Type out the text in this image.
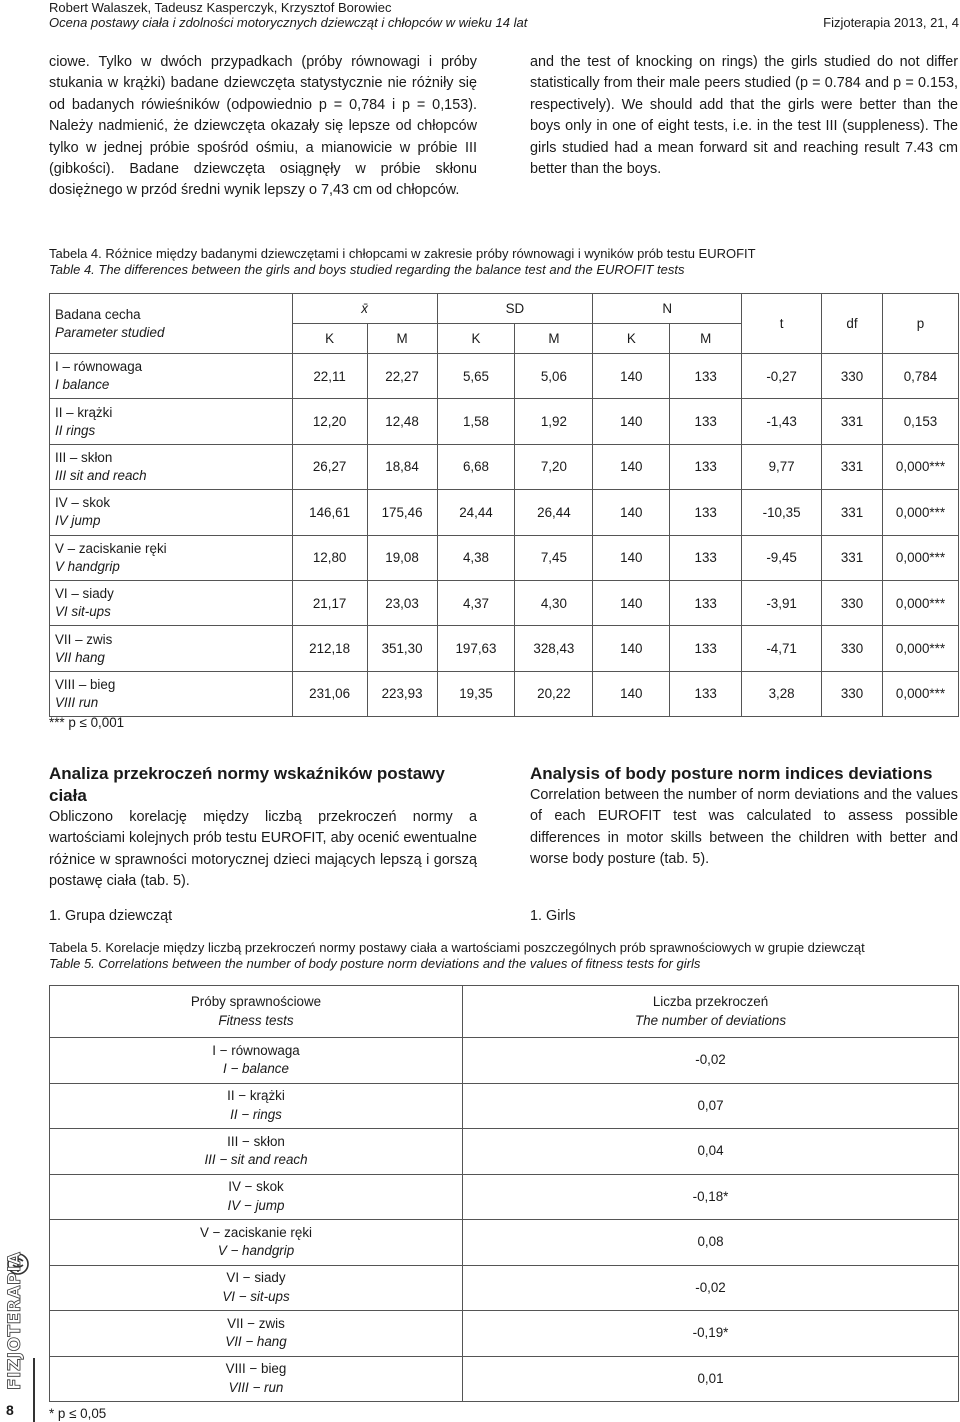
Robert Walaszek, Tadeusz Kasperczyk, Krzysztof Borowiec
Ocena postawy ciała i zdolności motorycznych dziewcząt i chłopców w wieku 14 lat	Fizjoterapia 2013, 21, 4

ciowe. Tylko w dwóch przypadkach (próby równowagi i próby stukania w krążki) badane dziewczęta statystycznie nie różniły się od badanych rówieśników (odpowiednio p = 0,784 i p = 0,153). Należy nadmienić, że dziewczęta okazały się lepsze od chłopców tylko w jednej próbie spośród ośmiu, a mianowicie w próbie III (gibkości). Badane dziewczęta osiągnęły w próbie skłonu dosiężnego w przód średni wynik lepszy o 7,43 cm od chłopców.

and the test of knocking on rings) the girls studied do not differ statistically from their male peers studied (p = 0.784 and p = 0.153, respectively). We should add that the girls were better than the boys only in one of eight tests, i.e. in the test III (suppleness). The girls studied had a mean forward sit and reaching result 7.43 cm better than the boys.

Tabela 4. Różnice między badanymi dziewczętami i chłopcami w zakresie próby równowagi i wyników prób testu EUROFIT
Table 4. The differences between the girls and boys studied regarding the balance test and the EUROFIT tests
Badana cecha
Parameter studied	x̄		SD		N		t	df	p
	K	M	K	M	K	M			
I – równowaga
I balance	22,11	22,27	5,65	5,06	140	133	-0,27	330	0,784
II – krążki
II rings	12,20	12,48	1,58	1,92	140	133	-1,43	331	0,153
III – skłon
III sit and reach	26,27	18,84	6,68	7,20	140	133	9,77	331	0,000***
IV – skok
IV jump	146,61	175,46	24,44	26,44	140	133	-10,35	331	0,000***
V – zaciskanie ręki
V handgrip	12,80	19,08	4,38	7,45	140	133	-9,45	331	0,000***
VI – siady
VI sit-ups	21,17	23,03	4,37	4,30	140	133	-3,91	330	0,000***
VII – zwis
VII hang	212,18	351,30	197,63	328,43	140	133	-4,71	330	0,000***
VIII – bieg
VIII run	231,06	223,93	19,35	20,22	140	133	3,28	330	0,000***
*** p ≤ 0,001
Analiza przekroczeń normy wskaźników postawy ciała

Obliczono korelację między liczbą przekroczeń normy a wartościami kolejnych prób testu EUROFIT, aby ocenić ewentualne różnice w sprawności motorycznej dzieci mających lepszą i gorszą postawę ciała (tab. 5).

Analysis of body posture norm indices deviations

Correlation between the number of norm deviations and the values of each EUROFIT test was calculated to assess possible differences in motor skills between the children with better and worse body posture (tab. 5).

1. Grupa dziewcząt	1. Girls
Tabela 5. Korelacje między liczbą przekroczeń normy postawy ciała a wartościami poszczególnych prób sprawnościowych w grupie dziewcząt
Table 5. Correlations between the number of body posture norm deviations and the values of fitness tests for girls
Próby sprawnościowe
Fitness tests	Liczba przekroczeń
The number of deviations

I − równowaga
I − balance	-0,02
II − krążki
II − rings	0,07
III − skłon
III − sit and reach	0,04
IV − skok
IV − jump	-0,18*
V − zaciskanie ręki
V − handgrip	0,08
VI − siady
VI − sit-ups	-0,02
VII − zwis
VII − hang	-0,19*
VIII − bieg
VIII − run	0,01
* p ≤ 0,05
FIZJOTERAPIA
8
